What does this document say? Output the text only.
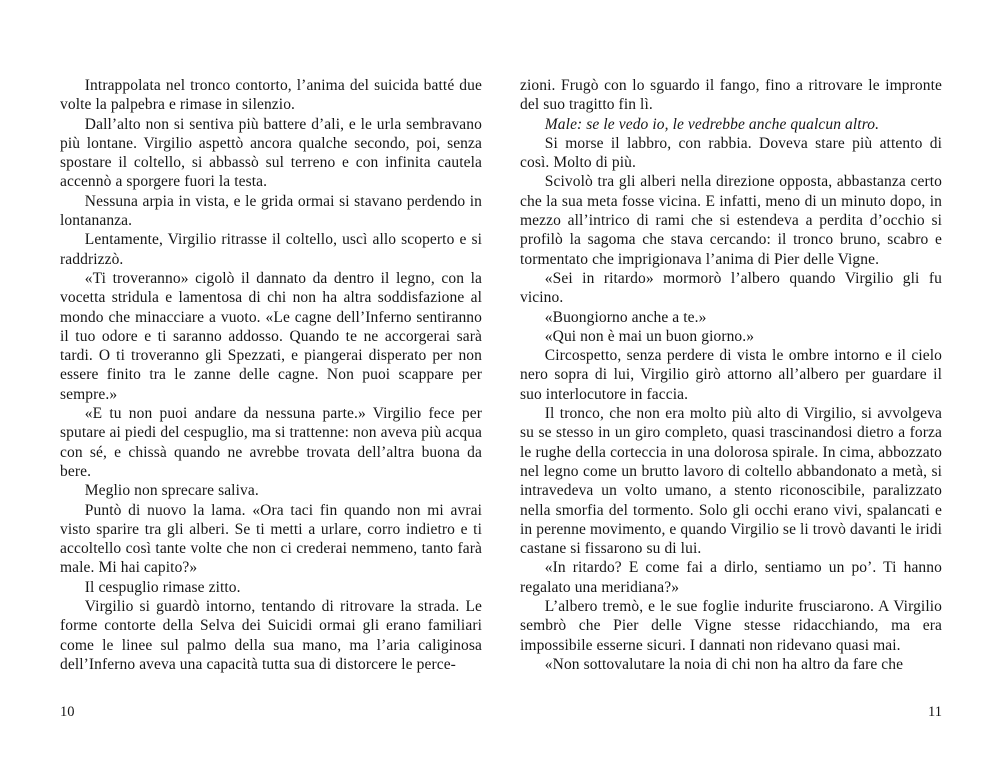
Intrappolata nel tronco contorto, l’anima del suicida batté due volte la palpebra e rimase in silenzio.

Dall’alto non si sentiva più battere d’ali, e le urla sembravano più lontane. Virgilio aspettò ancora qualche secondo, poi, senza spostare il coltello, si abbassò sul terreno e con infinita cautela accennò a sporgere fuori la testa.

Nessuna arpia in vista, e le grida ormai si stavano perdendo in lontananza.

Lentamente, Virgilio ritrasse il coltello, uscì allo scoperto e si raddrizzò.

«Ti troveranno» cigolò il dannato da dentro il legno, con la vocetta stridula e lamentosa di chi non ha altra soddisfazione al mondo che minacciare a vuoto. «Le cagne dell’Inferno sentiranno il tuo odore e ti saranno addosso. Quando te ne accorgerai sarà tardi. O ti troveranno gli Spezzati, e piangerai disperato per non essere finito tra le zanne delle cagne. Non puoi scappare per sempre.»

«E tu non puoi andare da nessuna parte.» Virgilio fece per sputare ai piedi del cespuglio, ma si trattenne: non aveva più acqua con sé, e chissà quando ne avrebbe trovata dell’altra buona da bere.

Meglio non sprecare saliva.

Puntò di nuovo la lama. «Ora taci fin quando non mi avrai visto sparire tra gli alberi. Se ti metti a urlare, corro indietro e ti accoltello così tante volte che non ci crederai nemmeno, tanto farà male. Mi hai capito?»

Il cespuglio rimase zitto.

Virgilio si guardò intorno, tentando di ritrovare la strada. Le forme contorte della Selva dei Suicidi ormai gli erano familiari come le linee sul palmo della sua mano, ma l’aria caliginosa dell’Inferno aveva una capacità tutta sua di distorcere le perce-

10

zioni. Frugò con lo sguardo il fango, fino a ritrovare le impronte del suo tragitto fin lì.

Male: se le vedo io, le vedrebbe anche qualcun altro.

Si morse il labbro, con rabbia. Doveva stare più attento di così. Molto di più.

Scivolò tra gli alberi nella direzione opposta, abbastanza certo che la sua meta fosse vicina. E infatti, meno di un minuto dopo, in mezzo all’intrico di rami che si estendeva a perdita d’occhio si profilò la sagoma che stava cercando: il tronco bruno, scabro e tormentato che imprigionava l’anima di Pier delle Vigne.

«Sei in ritardo» mormorò l’albero quando Virgilio gli fu vicino.

«Buongiorno anche a te.»

«Qui non è mai un buon giorno.»

Circospetto, senza perdere di vista le ombre intorno e il cielo nero sopra di lui, Virgilio girò attorno all’albero per guardare il suo interlocutore in faccia.

Il tronco, che non era molto più alto di Virgilio, si avvolgeva su se stesso in un giro completo, quasi trascinandosi dietro a forza le rughe della corteccia in una dolorosa spirale. In cima, abbozzato nel legno come un brutto lavoro di coltello abbandonato a metà, si intravedeva un volto umano, a stento riconoscibile, paralizzato nella smorfia del tormento. Solo gli occhi erano vivi, spalancati e in perenne movimento, e quando Virgilio se li trovò davanti le iridi castane si fissarono su di lui.

«In ritardo? E come fai a dirlo, sentiamo un po’. Ti hanno regalato una meridiana?»

L’albero tremò, e le sue foglie indurite frusciarono. A Virgilio sembrò che Pier delle Vigne stesse ridacchiando, ma era impossibile esserne sicuri. I dannati non ridevano quasi mai.

«Non sottovalutare la noia di chi non ha altro da fare che

11
